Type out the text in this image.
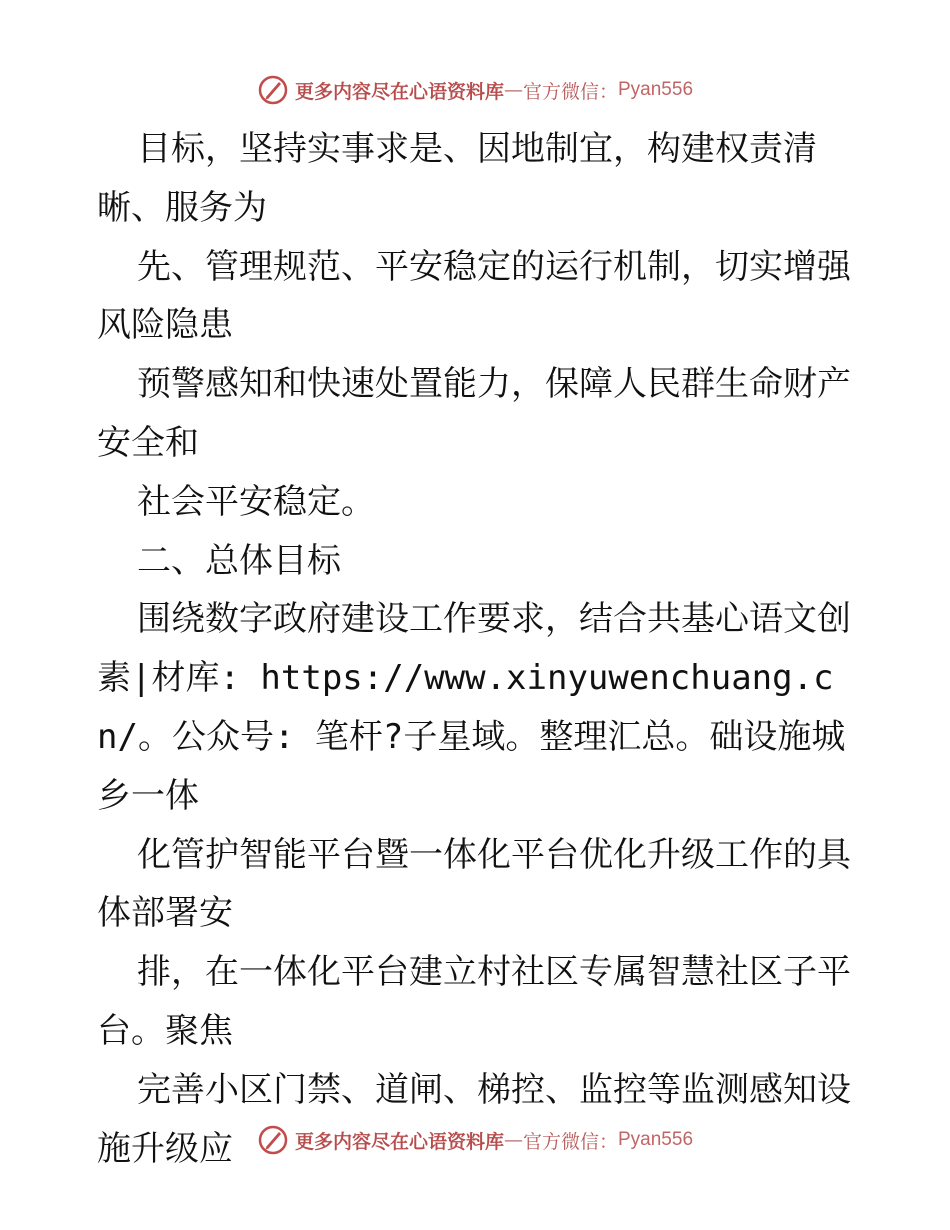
更多内容尽在心语资料库 — 官方微信： Pyan556

目标，坚持实事求是、因地制宜，构建权责清晰、服务为

先、管理规范、平安稳定的运行机制，切实增强风险隐患

预警感知和快速处置能力，保障人民群生命财产安全和

社会平安稳定。

二、总体目标

围绕数字政府建设工作要求，结合共基心语文创素|材库: https://www.xinyuwenchuang.cn/。公众号: 笔杆?子星域。整理汇总。础设施城乡一体

化管护智能平台暨一体化平台优化升级工作的具体部署安

排，在一体化平台建立村社区专属智慧社区子平台。聚焦

完善小区门禁、道闸、梯控、监控等监测感知设施升级应	更多内容尽在心语资料库 — 官方微信： Pyan556
